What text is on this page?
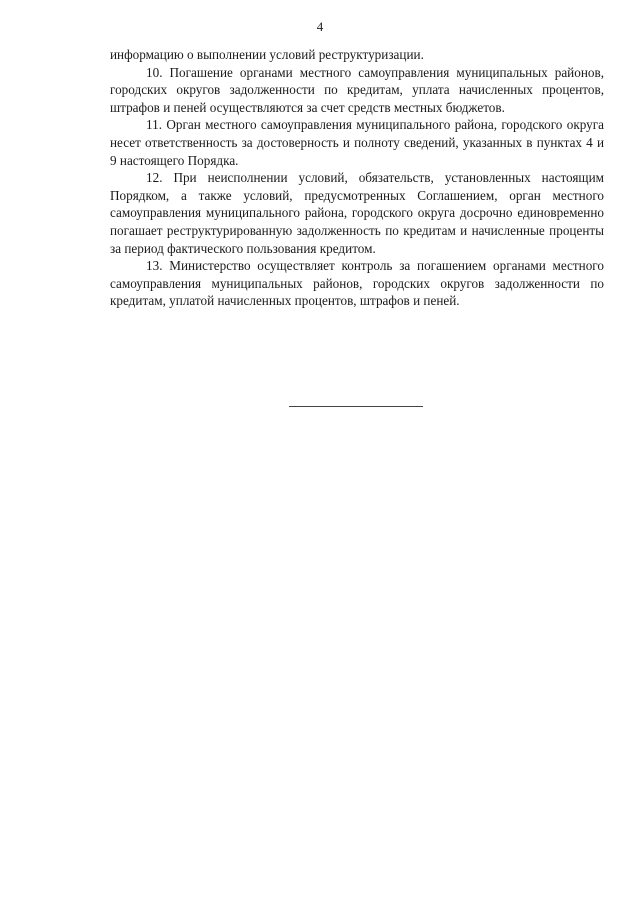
4

информацию о выполнении условий реструктуризации.

10. Погашение органами местного самоуправления муниципальных районов, городских округов задолженности по кредитам, уплата начисленных процентов, штрафов и пеней осуществляются за счет средств местных бюджетов.

11. Орган местного самоуправления муниципального района, городского округа несет ответственность за достоверность и полноту сведений, указанных в пунктах 4 и 9 настоящего Порядка.

12. При неисполнении условий, обязательств, установленных настоящим Порядком, а также условий, предусмотренных Соглашением, орган местного самоуправления муниципального района, городского округа досрочно единовременно погашает реструктурированную задолженность по кредитам и начисленные проценты за период фактического пользования кредитом.

13. Министерство осуществляет контроль за погашением органами местного самоуправления муниципальных районов, городских округов задолженности по кредитам, уплатой начисленных процентов, штрафов и пеней.
